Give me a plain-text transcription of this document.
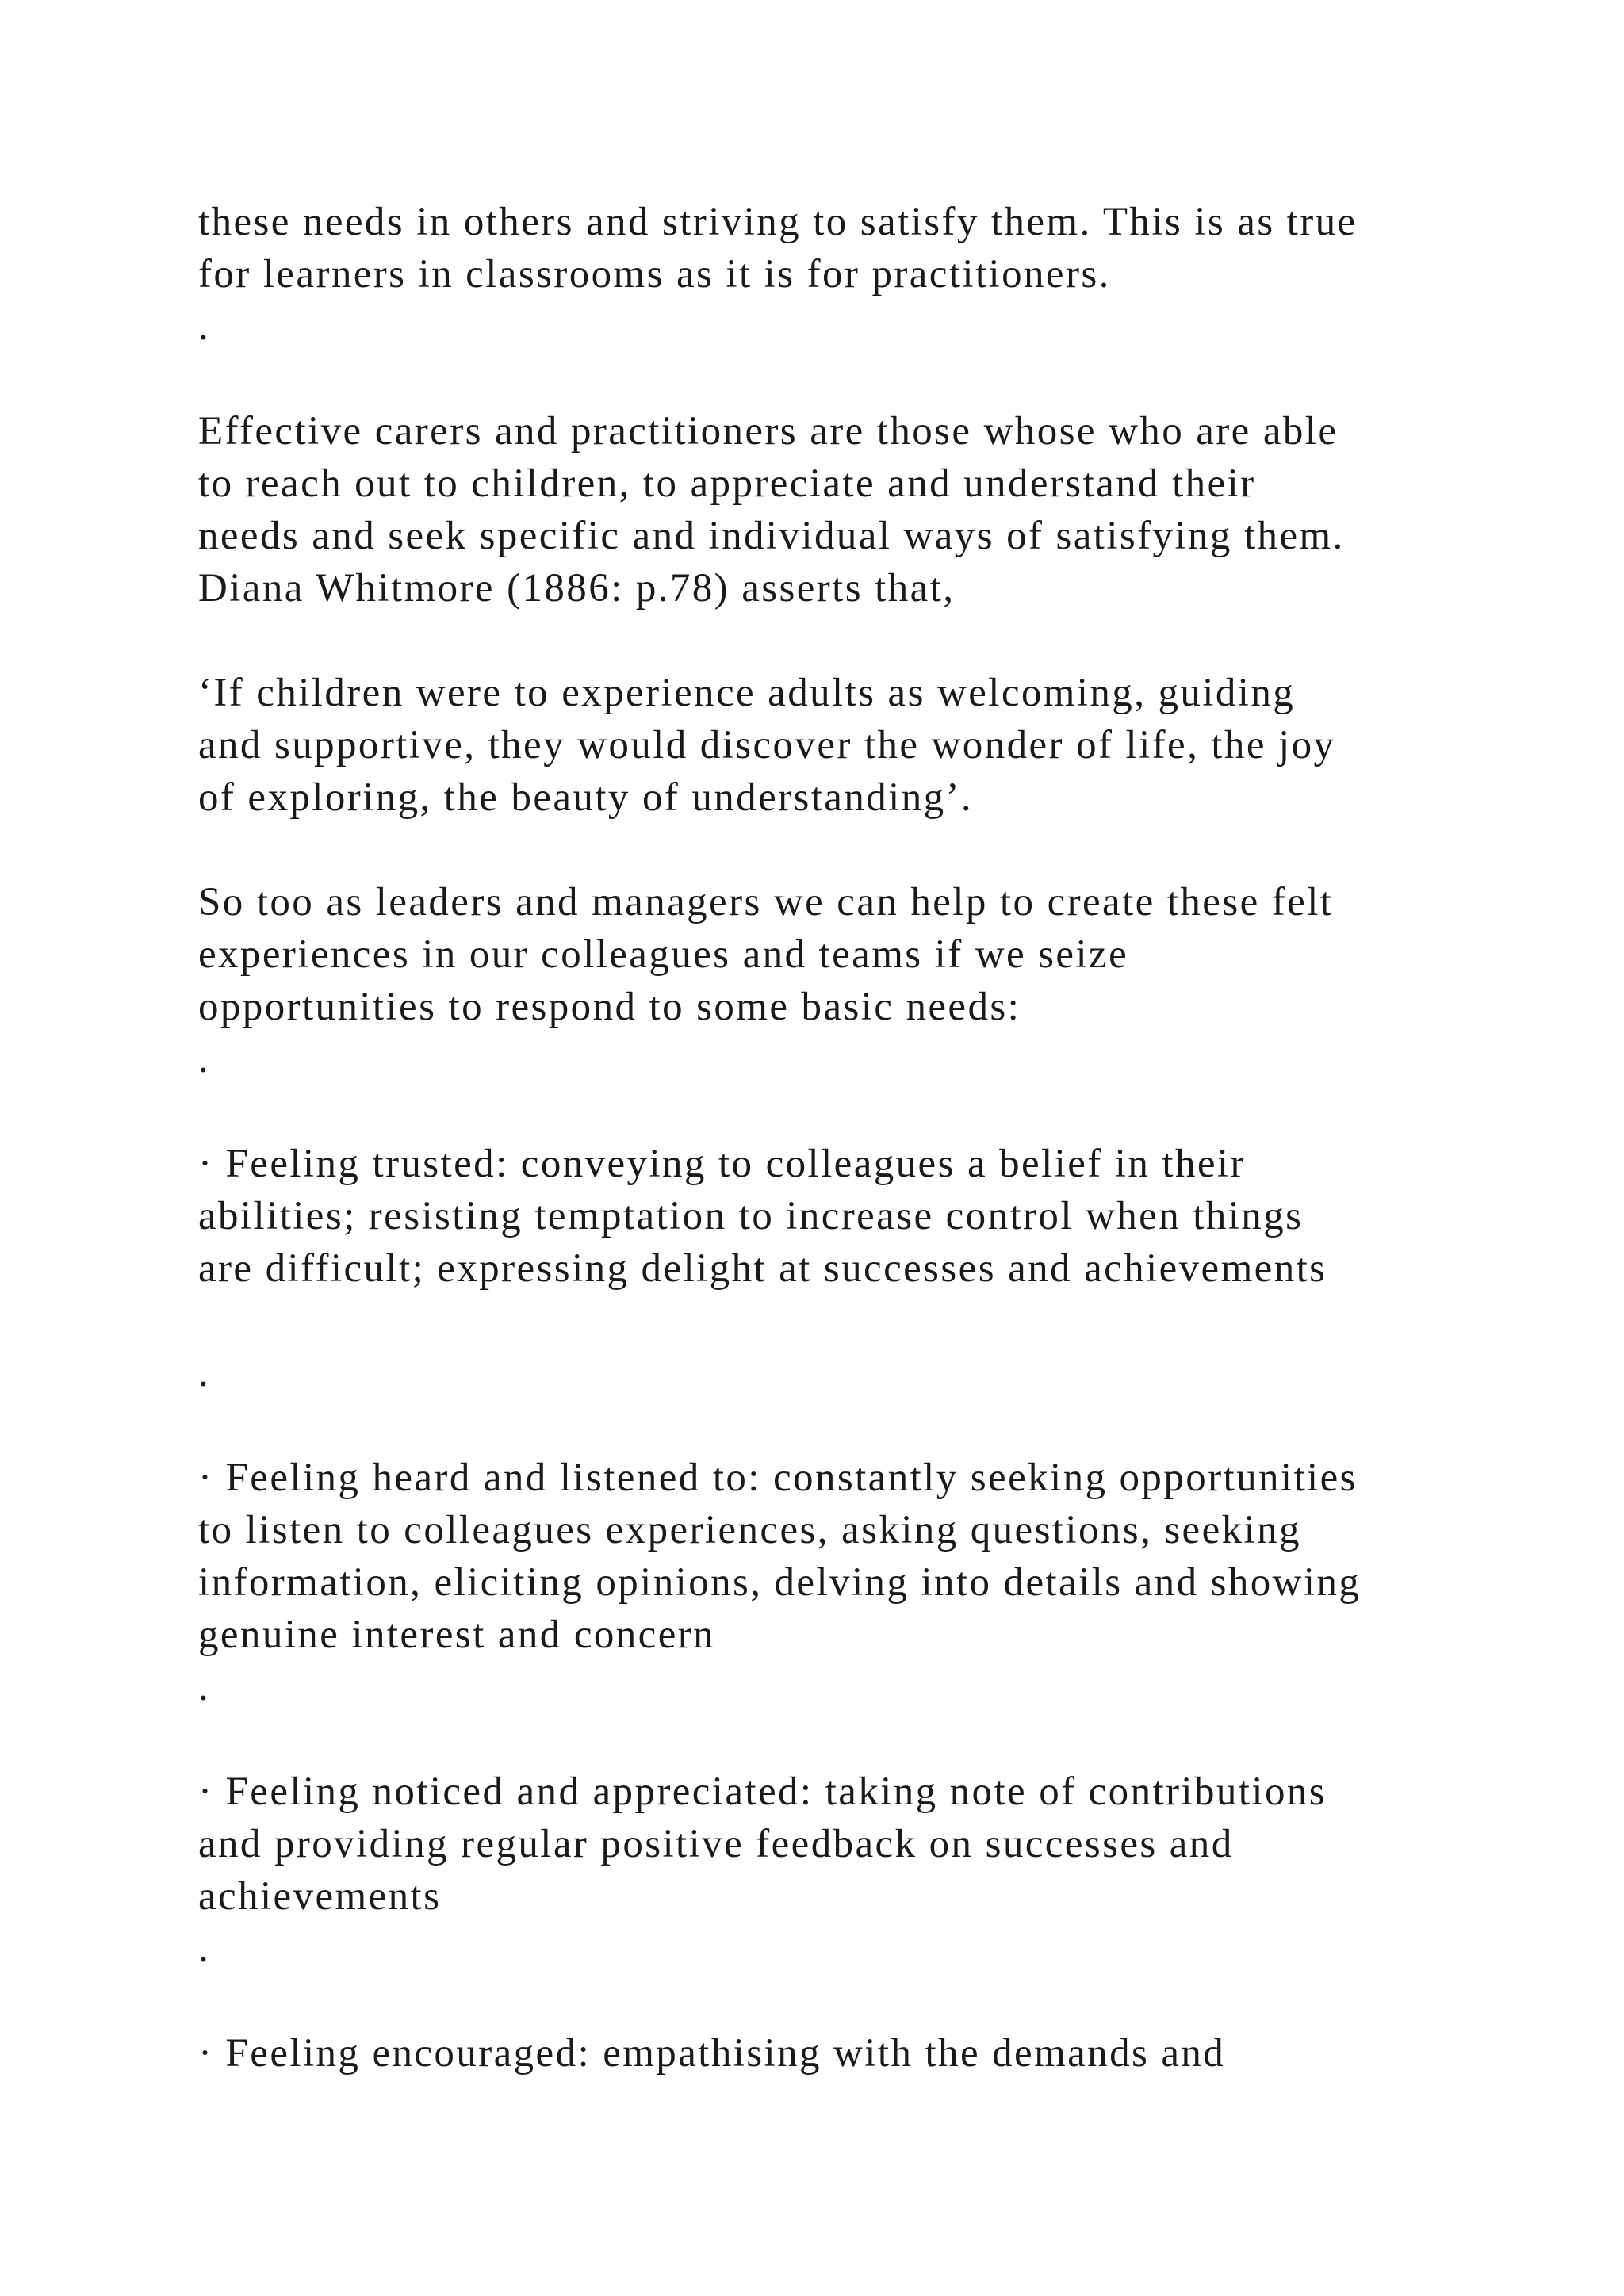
these needs in others and striving to satisfy them. This is as true

for learners in classrooms as it is for practitioners.

.

Effective carers and practitioners are those whose who are able

to reach out to children, to appreciate and understand their

needs and seek specific and individual ways of satisfying them.

Diana Whitmore (1886: p.78) asserts that,

‘If children were to experience adults as welcoming, guiding

and supportive, they would discover the wonder of life, the joy

of exploring, the beauty of understanding’.

So too as leaders and managers we can help to create these felt

experiences in our colleagues and teams if we seize

opportunities to respond to some basic needs:

.

· Feeling trusted: conveying to colleagues a belief in their

abilities; resisting temptation to increase control when things

are difficult; expressing delight at successes and achievements

.

· Feeling heard and listened to: constantly seeking opportunities

to listen to colleagues experiences, asking questions, seeking

information, eliciting opinions, delving into details and showing

genuine interest and concern

.

· Feeling noticed and appreciated: taking note of contributions

and providing regular positive feedback on successes and

achievements

.

· Feeling encouraged: empathising with the demands and
